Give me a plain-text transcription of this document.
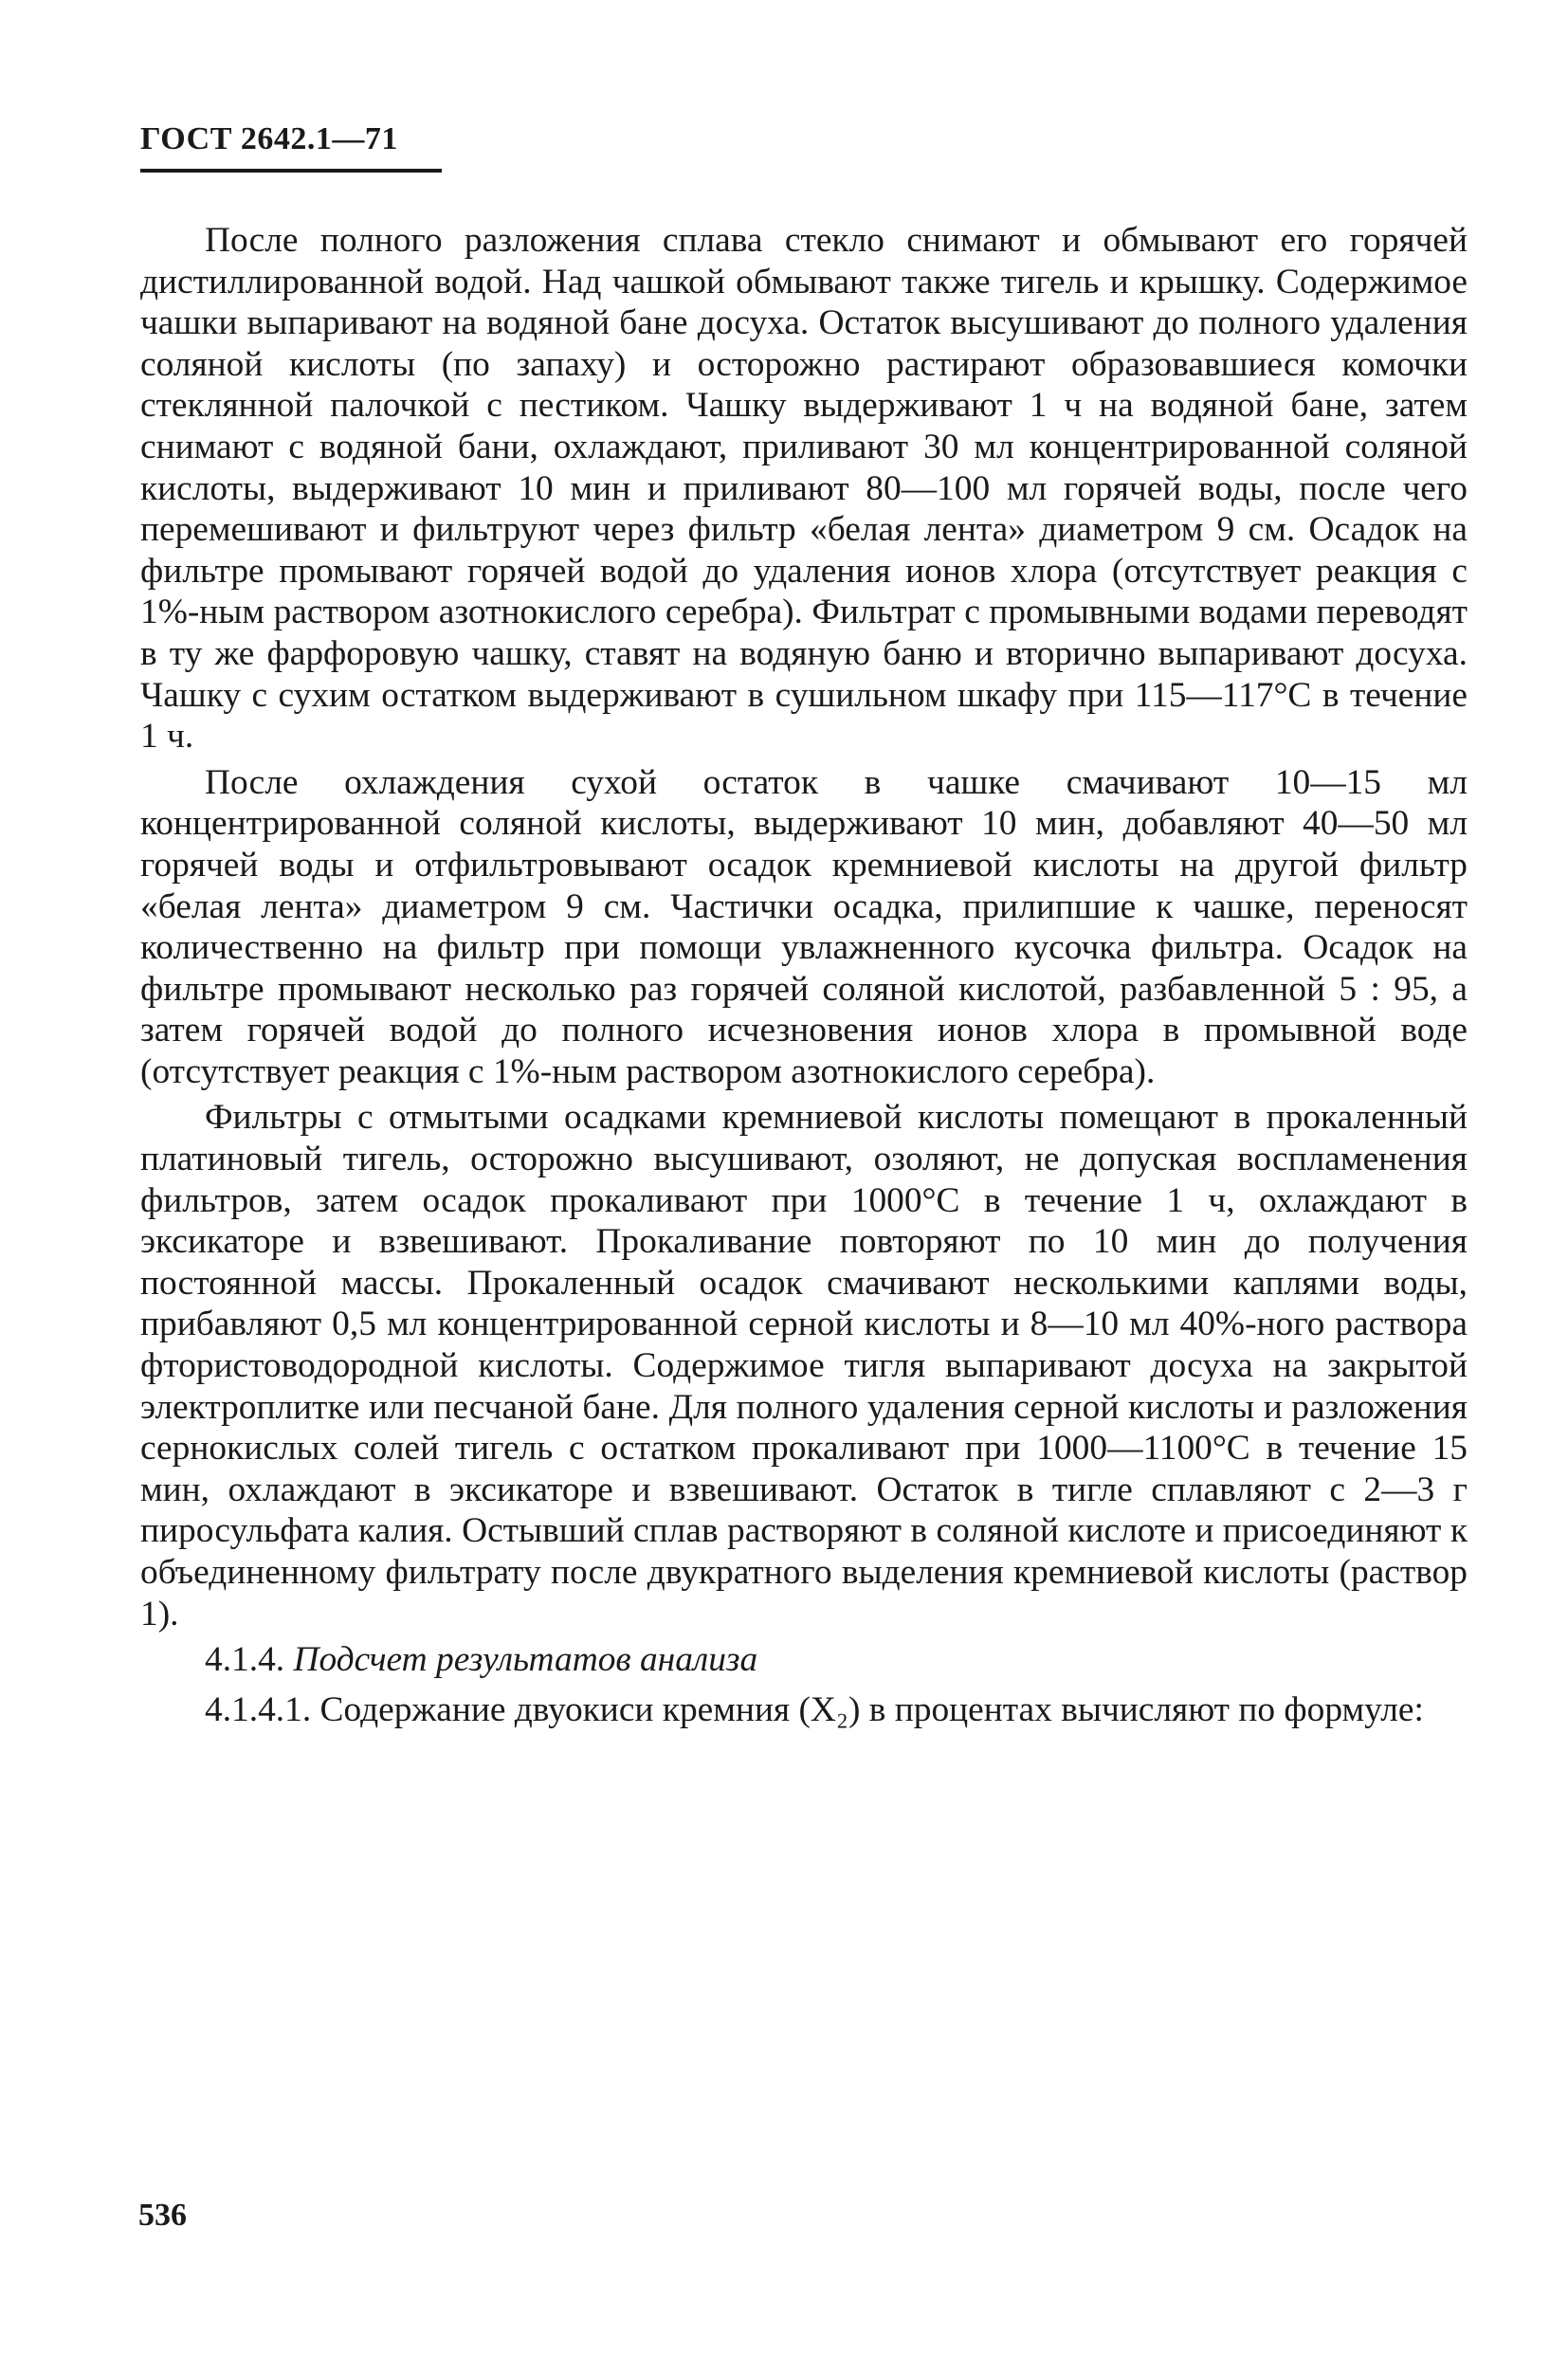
ГОСТ 2642.1—71

После полного разложения сплава стекло снимают и обмывают его горячей дистиллированной водой. Над чашкой обмывают также тигель и крышку. Содержимое чашки выпаривают на водяной бане досуха. Остаток высушивают до полного удаления соляной кислоты (по запаху) и осторожно растирают образовавшиеся комочки стеклянной палочкой с пестиком. Чашку выдерживают 1 ч на водяной бане, затем снимают с водяной бани, охлаждают, приливают 30 мл концентрированной соляной кислоты, выдерживают 10 мин и приливают 80—100 мл горячей воды, после чего перемешивают и фильтруют через фильтр «белая лента» диаметром 9 см. Осадок на фильтре промывают горячей водой до удаления ионов хлора (отсутствует реакция с 1%-ным раствором азотнокислого серебра). Фильтрат с промывными водами переводят в ту же фарфоровую чашку, ставят на водяную баню и вторично выпаривают досуха. Чашку с сухим остатком выдерживают в сушильном шкафу при 115—117°С в течение 1 ч.

После охлаждения сухой остаток в чашке смачивают 10—15 мл концентрированной соляной кислоты, выдерживают 10 мин, добавляют 40—50 мл горячей воды и отфильтровывают осадок кремниевой кислоты на другой фильтр «белая лента» диаметром 9 см. Частички осадка, прилипшие к чашке, переносят количественно на фильтр при помощи увлажненного кусочка фильтра. Осадок на фильтре промывают несколько раз горячей соляной кислотой, разбавленной 5 : 95, а затем горячей водой до полного исчезновения ионов хлора в промывной воде (отсутствует реакция с 1%-ным раствором азотнокислого серебра).

Фильтры с отмытыми осадками кремниевой кислоты помещают в прокаленный платиновый тигель, осторожно высушивают, озоляют, не допуская воспламенения фильтров, затем осадок прокаливают при 1000°С в течение 1 ч, охлаждают в эксикаторе и взвешивают. Прокаливание повторяют по 10 мин до получения постоянной массы. Прокаленный осадок смачивают несколькими каплями воды, прибавляют 0,5 мл концентрированной серной кислоты и 8—10 мл 40%-ного раствора фтористоводородной кислоты. Содержимое тигля выпаривают досуха на закрытой электроплитке или песчаной бане. Для полного удаления серной кислоты и разложения сернокислых солей тигель с остатком прокаливают при 1000—1100°С в течение 15 мин, охлаждают в эксикаторе и взвешивают. Остаток в тигле сплавляют с 2—3 г пиросульфата калия. Остывший сплав растворяют в соляной кислоте и присоединяют к объединенному фильтрату после двукратного выделения кремниевой кислоты (раствор 1).

4.1.4. Подсчет результатов анализа

4.1.4.1. Содержание двуокиси кремния (X₂) в процентах вычисляют по формуле:

536
